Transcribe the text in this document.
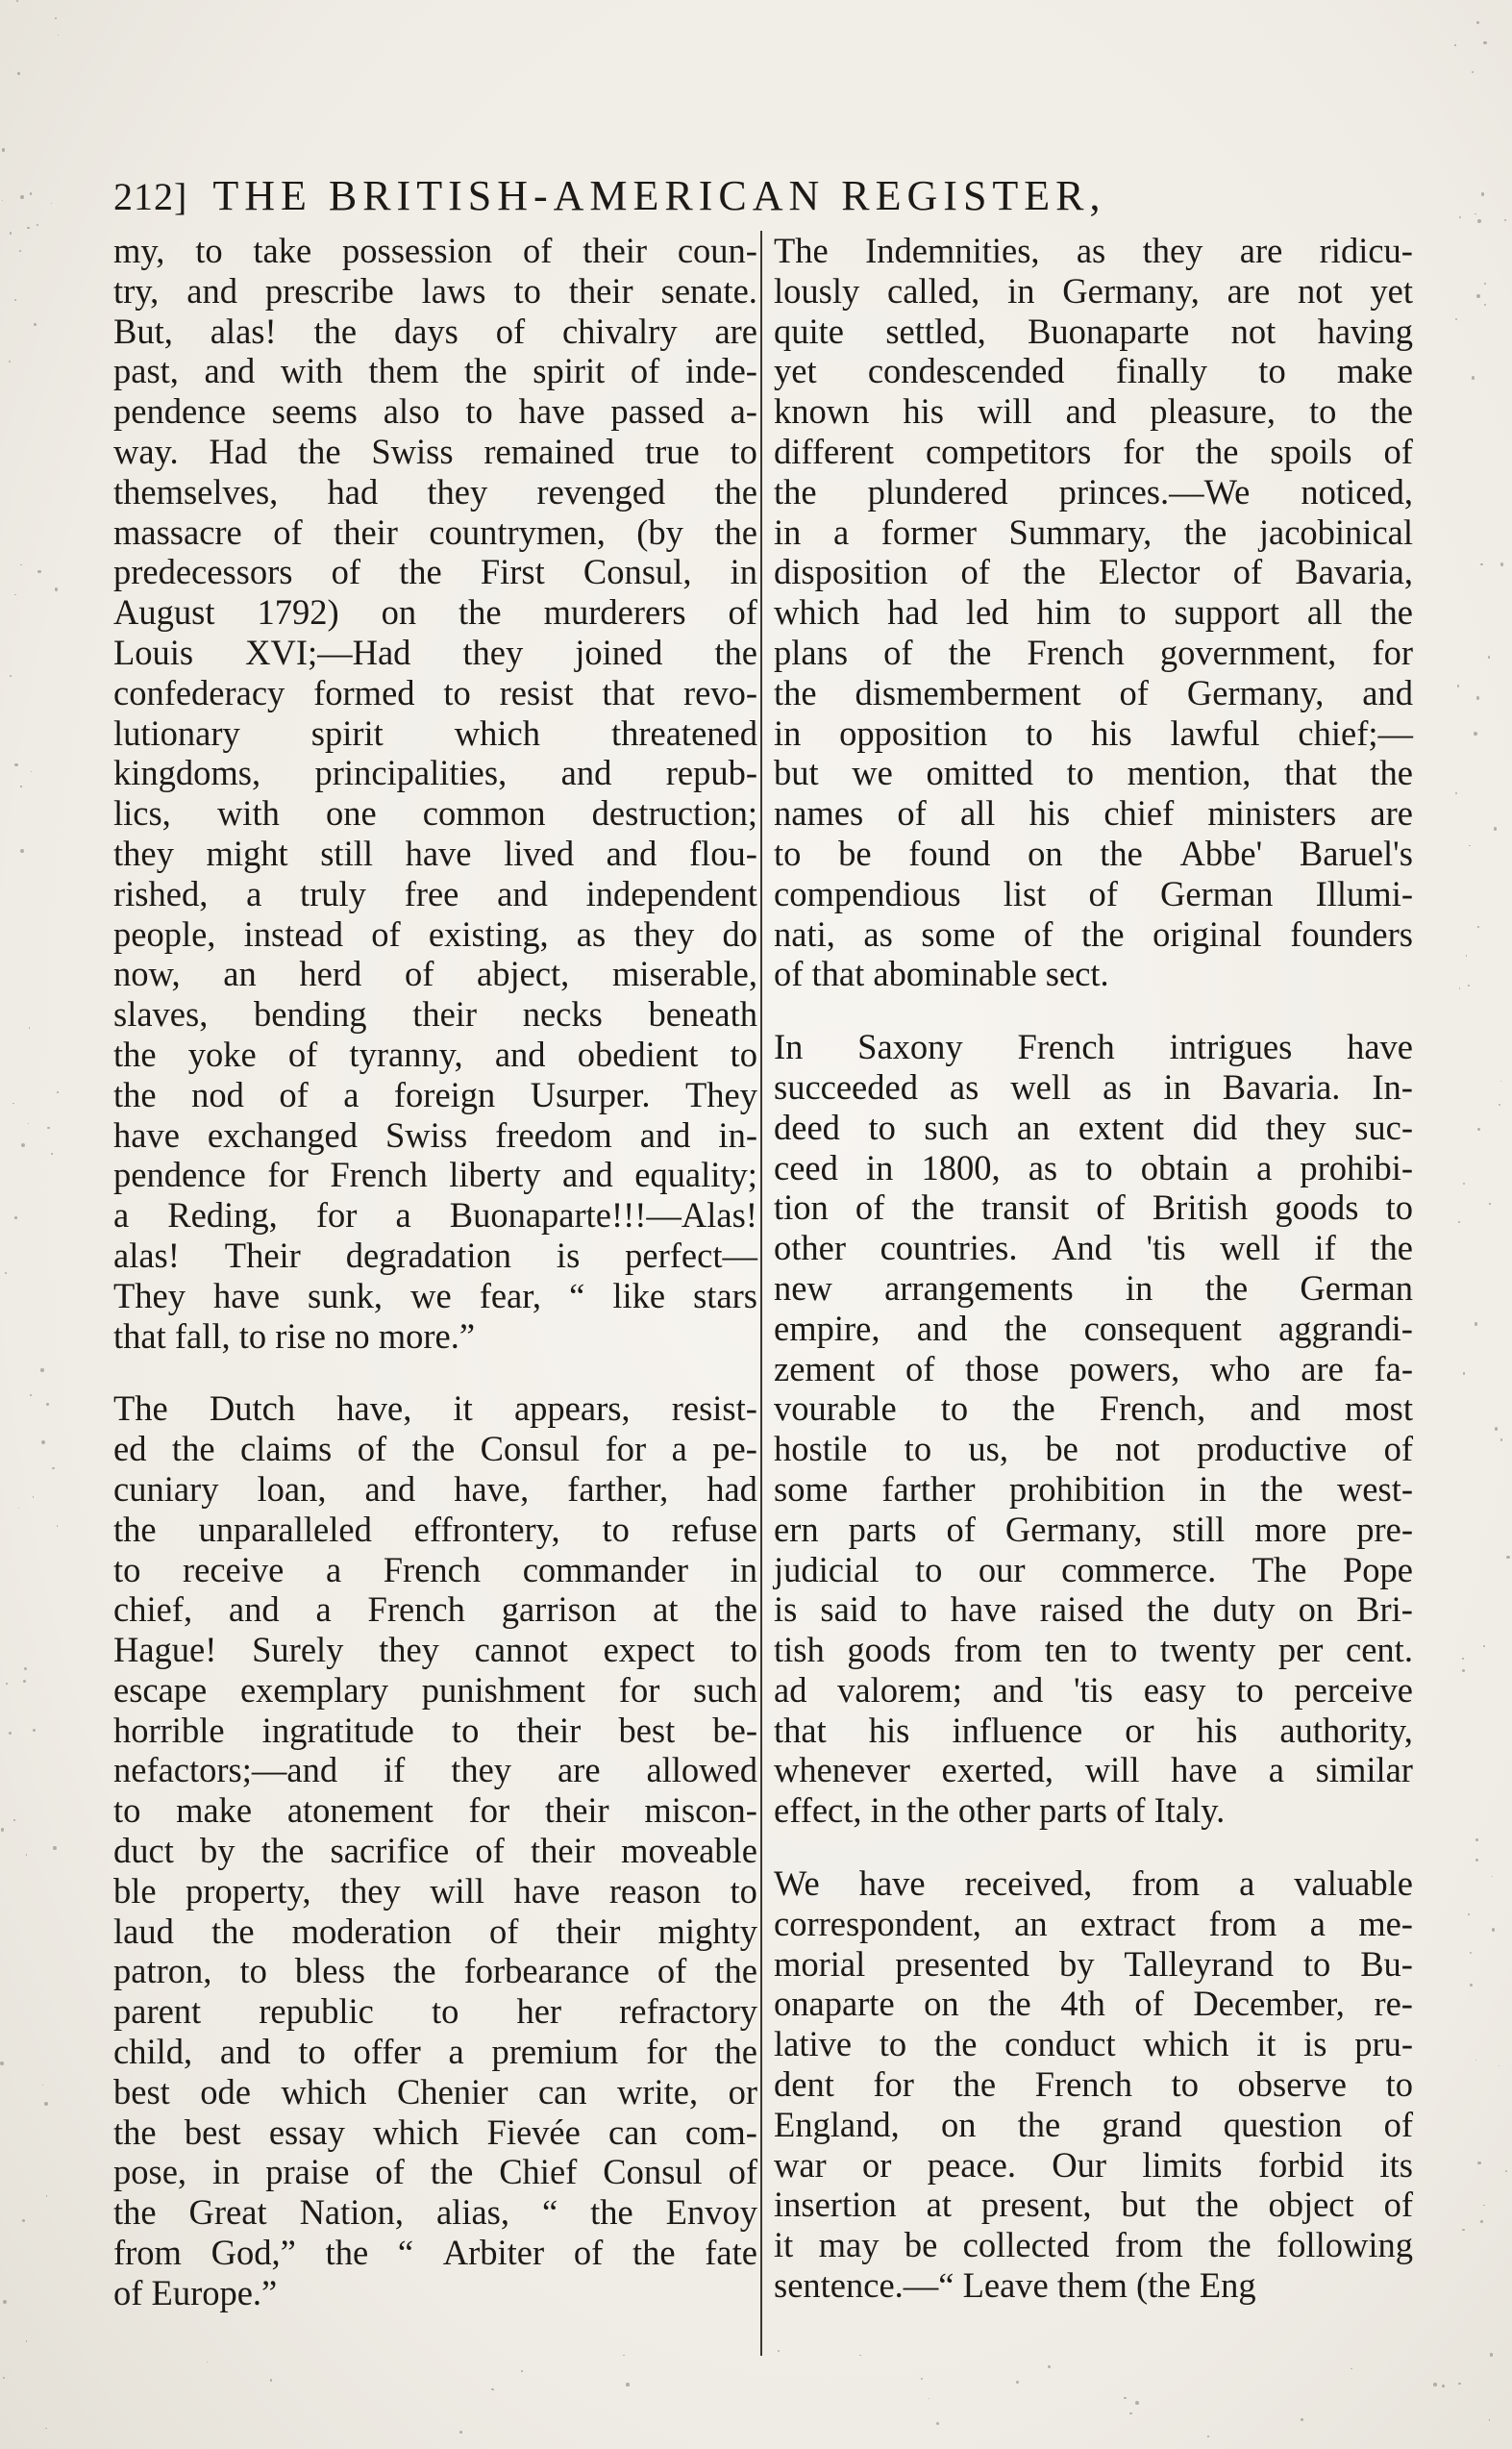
212] THE BRITISH-AMERICAN REGISTER,
my, to take possession of their coun-
try, and prescribe laws to their senate.
But, alas! the days of chivalry are
past, and with them the spirit of inde-
pendence seems also to have passed a-
way. Had the Swiss remained true to
themselves, had they revenged the
massacre of their countrymen, (by the
predecessors of the First Consul, in
August 1792) on the murderers of
Louis XVI;—Had they joined the
confederacy formed to resist that revo-
lutionary spirit which threatened
kingdoms, principalities, and repub-
lics, with one common destruction;
they might still have lived and flou-
rished, a truly free and independent
people, instead of existing, as they do
now, an herd of abject, miserable,
slaves, bending their necks beneath
the yoke of tyranny, and obedient to
the nod of a foreign Usurper. They
have exchanged Swiss freedom and in-
pendence for French liberty and equality;
a Reding, for a Buonaparte!!!—Alas!
alas! Their degradation is perfect—
They have sunk, we fear, “ like stars
that fall, to rise no more.”
The Dutch have, it appears, resist-
ed the claims of the Consul for a pe-
cuniary loan, and have, farther, had
the unparalleled effrontery, to refuse
to receive a French commander in
chief, and a French garrison at the
Hague! Surely they cannot expect to
escape exemplary punishment for such
horrible ingratitude to their best be-
nefactors;—and if they are allowed
to make atonement for their miscon-
duct by the sacrifice of their moveable
ble property, they will have reason to
laud the moderation of their mighty
patron, to bless the forbearance of the
parent republic to her refractory
child, and to offer a premium for the
best ode which Chenier can write, or
the best essay which Fievée can com-
pose, in praise of the Chief Consul of
the Great Nation, alias, “ the Envoy
from God,” the “ Arbiter of the fate
of Europe.”
The Indemnities, as they are ridicu-
lously called, in Germany, are not yet
quite settled, Buonaparte not having
yet condescended finally to make
known his will and pleasure, to the
different competitors for the spoils of
the plundered princes.—We noticed,
in a former Summary, the jacobinical
disposition of the Elector of Bavaria,
which had led him to support all the
plans of the French government, for
the dismemberment of Germany, and
in opposition to his lawful chief;—
but we omitted to mention, that the
names of all his chief ministers are
to be found on the Abbe' Baruel's
compendious list of German Illumi-
nati, as some of the original founders
of that abominable sect.
In Saxony French intrigues have
succeeded as well as in Bavaria. In-
deed to such an extent did they suc-
ceed in 1800, as to obtain a prohibi-
tion of the transit of British goods to
other countries. And 'tis well if the
new arrangements in the German
empire, and the consequent aggrandi-
zement of those powers, who are fa-
vourable to the French, and most
hostile to us, be not productive of
some farther prohibition in the west-
ern parts of Germany, still more pre-
judicial to our commerce. The Pope
is said to have raised the duty on Bri-
tish goods from ten to twenty per cent.
ad valorem; and 'tis easy to perceive
that his influence or his authority,
whenever exerted, will have a similar
effect, in the other parts of Italy.
We have received, from a valuable
correspondent, an extract from a me-
morial presented by Talleyrand to Bu-
onaparte on the 4th of December, re-
lative to the conduct which it is pru-
dent for the French to observe to
England, on the grand question of
war or peace. Our limits forbid its
insertion at present, but the object of
it may be collected from the following
sentence.—“ Leave them (the Eng
